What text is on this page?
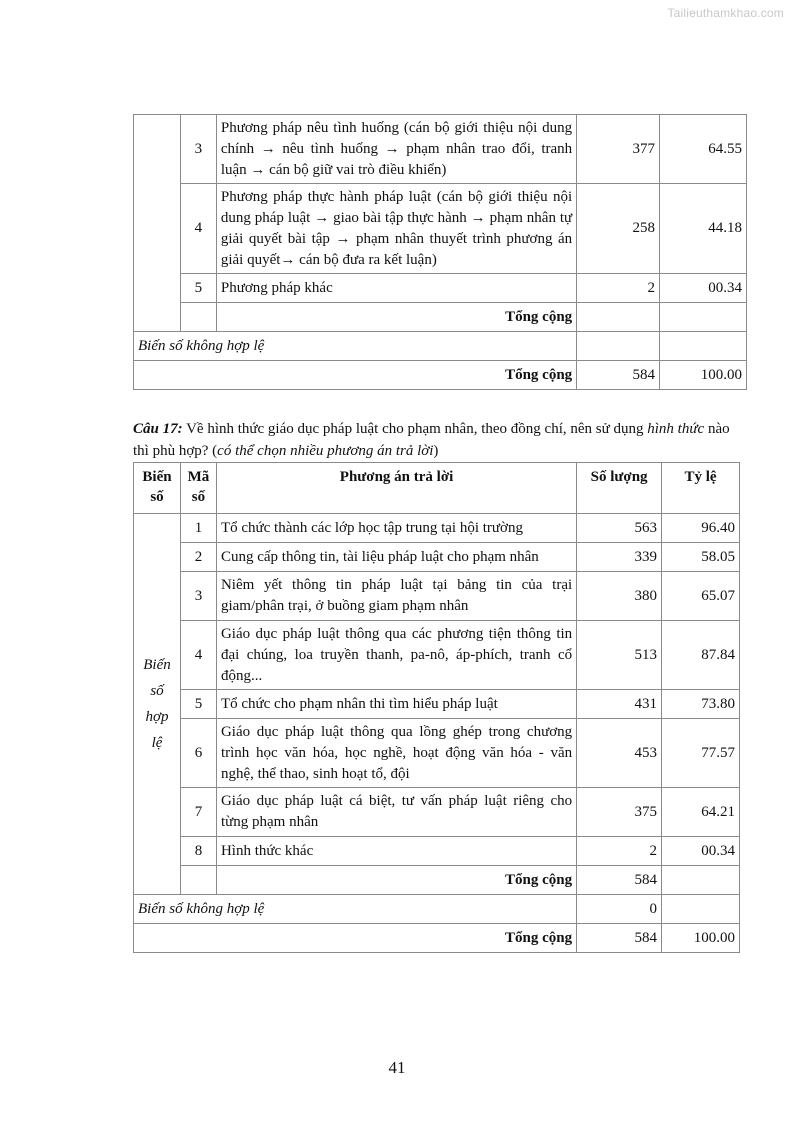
Tailieuthamkhao.com
	3	Phương pháp nêu tình huống (cán bộ giới thiệu nội dung chính → nêu tình huống → phạm nhân trao đổi, tranh luận → cán bộ giữ vai trò điều khiển)	377	64.55
	4	Phương pháp thực hành pháp luật (cán bộ giới thiệu nội dung pháp luật → giao bài tập thực hành → phạm nhân tự giải quyết bài tập → phạm nhân thuyết trình phương án giải quyết→ cán bộ đưa ra kết luận)	258	44.18
	5	Phương pháp khác	2	00.34
		Tổng cộng		
Biến số không hợp lệ				
Tổng cộng			584	100.00
Câu 17: Về hình thức giáo dục pháp luật cho phạm nhân, theo đồng chí, nên sử dụng hình thức nào thì phù hợp? (có thể chọn nhiều phương án trả lời)
Biến số	Mã số	Phương án trả lời	Số lượng	Tỷ lệ
Biến số hợp lệ	1	Tổ chức thành các lớp học tập trung tại hội trường	563	96.40
	2	Cung cấp thông tin, tài liệu pháp luật cho phạm nhân	339	58.05
	3	Niêm yết thông tin pháp luật tại bảng tin của trại giam/phân trại, ở buồng giam phạm nhân	380	65.07
	4	Giáo dục pháp luật thông qua các phương tiện thông tin đại chúng, loa truyền thanh, pa-nô, áp-phích, tranh cổ động...	513	87.84
	5	Tổ chức cho phạm nhân thi tìm hiểu pháp luật	431	73.80
	6	Giáo dục pháp luật thông qua lồng ghép trong chương trình học văn hóa, học nghề, hoạt động văn hóa - văn nghệ, thể thao, sinh hoạt tổ, đội	453	77.57
	7	Giáo dục pháp luật cá biệt, tư vấn pháp luật riêng cho từng phạm nhân	375	64.21
	8	Hình thức khác	2	00.34
		Tổng cộng	584	
Biến số không hợp lệ			0	
Tổng cộng			584	100.00
41
